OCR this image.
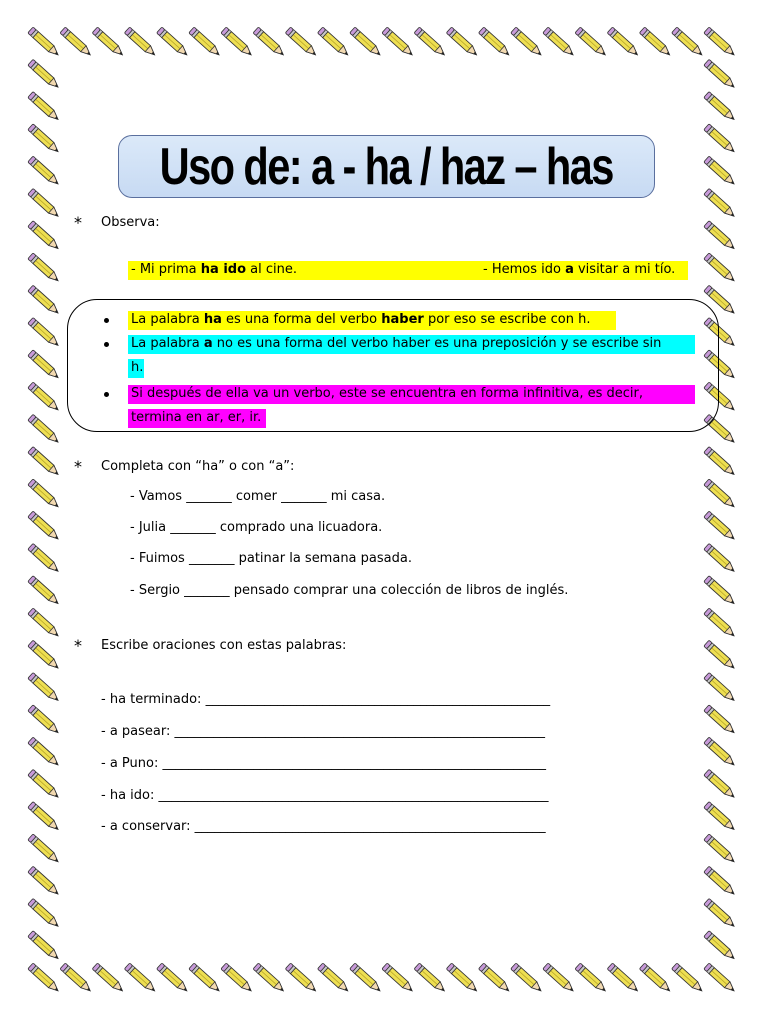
Uso de: a - ha / haz – has
* Observa:
- Mi prima ha ido al cine.	- Hemos ido a visitar a mi tío.
La palabra ha es una forma del verbo haber por eso se escribe con h.
La palabra a no es una forma del verbo haber es una preposición y se escribe sin
h.
Si después de ella va un verbo, este se encuentra en forma infinitiva, es decir,
termina en ar, er, ir.
* Completa con “ha” o con “a”:
- Vamos _______ comer _______ mi casa.
- Julia _______ comprado una licuadora.
- Fuimos _______ patinar la semana pasada.
- Sergio _______ pensado comprar una colección de libros de inglés.
* Escribe oraciones con estas palabras:
- ha terminado: _____________________________________________________
- a pasear: _________________________________________________________
- a Puno: ___________________________________________________________
- ha ido: ____________________________________________________________
- a conservar: ______________________________________________________
